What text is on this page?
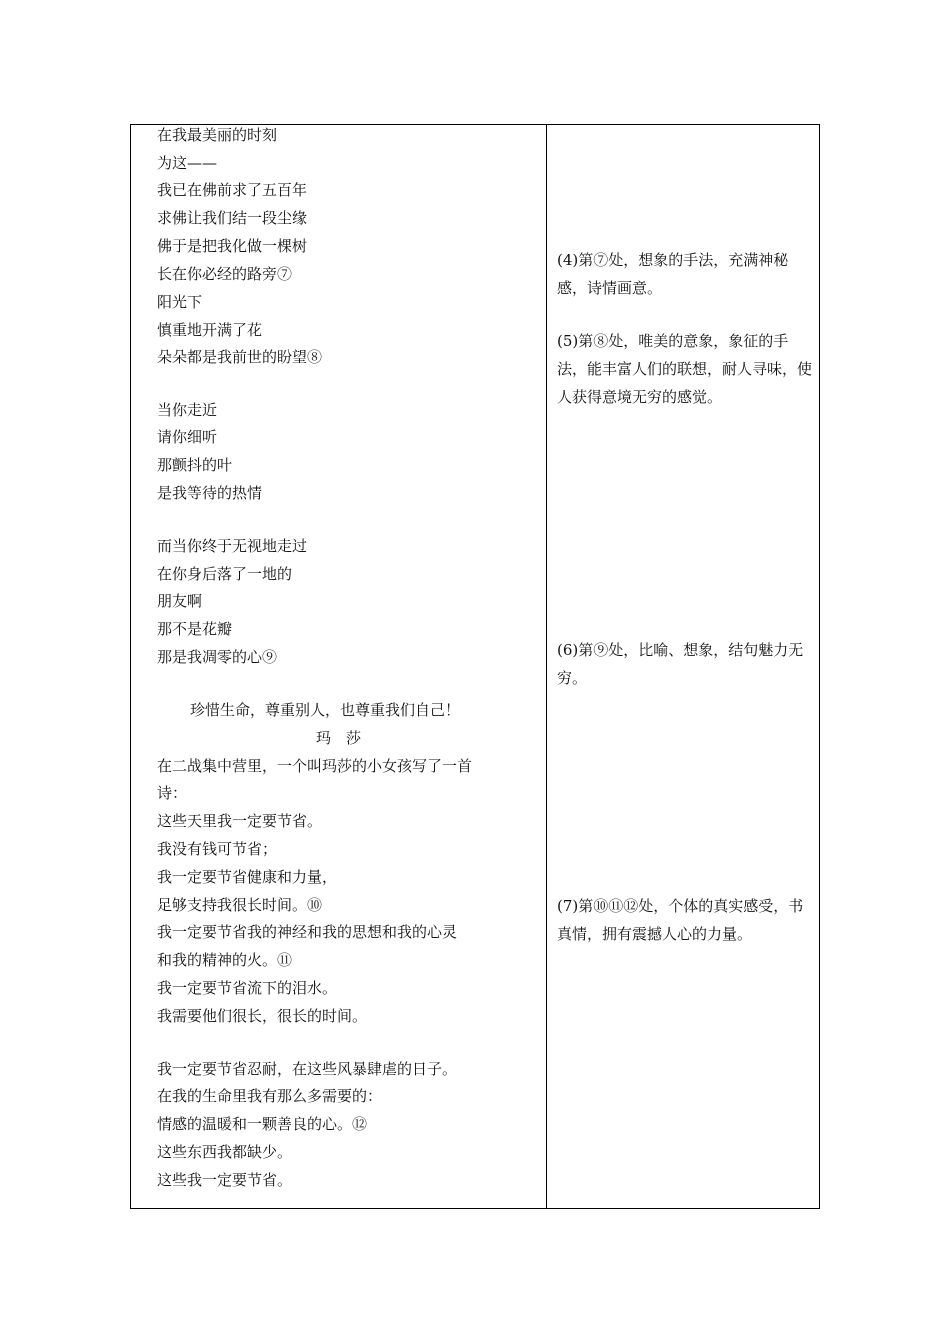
在我最美丽的时刻
为这——
我已在佛前求了五百年
求佛让我们结一段尘缘
佛于是把我化做一棵树
长在你必经的路旁⑦
阳光下
慎重地开满了花
朵朵都是我前世的盼望⑧
当你走近
请你细听
那颤抖的叶
是我等待的热情
而当你终于无视地走过
在你身后落了一地的
朋友啊
那不是花瓣
那是我凋零的心⑨
珍惜生命，尊重别人，也尊重我们自己！
玛　莎
在二战集中营里，一个叫玛莎的小女孩写了一首
诗：
这些天里我一定要节省。
我没有钱可节省；
我一定要节省健康和力量，
足够支持我很长时间。⑩
我一定要节省我的神经和我的思想和我的心灵
和我的精神的火。⑪
我一定要节省流下的泪水。
我需要他们很长，很长的时间。
我一定要节省忍耐，在这些风暴肆虐的日子。
在我的生命里我有那么多需要的：
情感的温暖和一颗善良的心。⑫
这些东西我都缺少。
这些我一定要节省。
(4)第⑦处，想象的手法，充满神秘感，诗情画意。
(5)第⑧处，唯美的意象，象征的手法，能丰富人们的联想，耐人寻味，使人获得意境无穷的感觉。
(6)第⑨处，比喻、想象，结句魅力无穷。
(7)第⑩⑪⑫处，个体的真实感受，书真情，拥有震撼人心的力量。
